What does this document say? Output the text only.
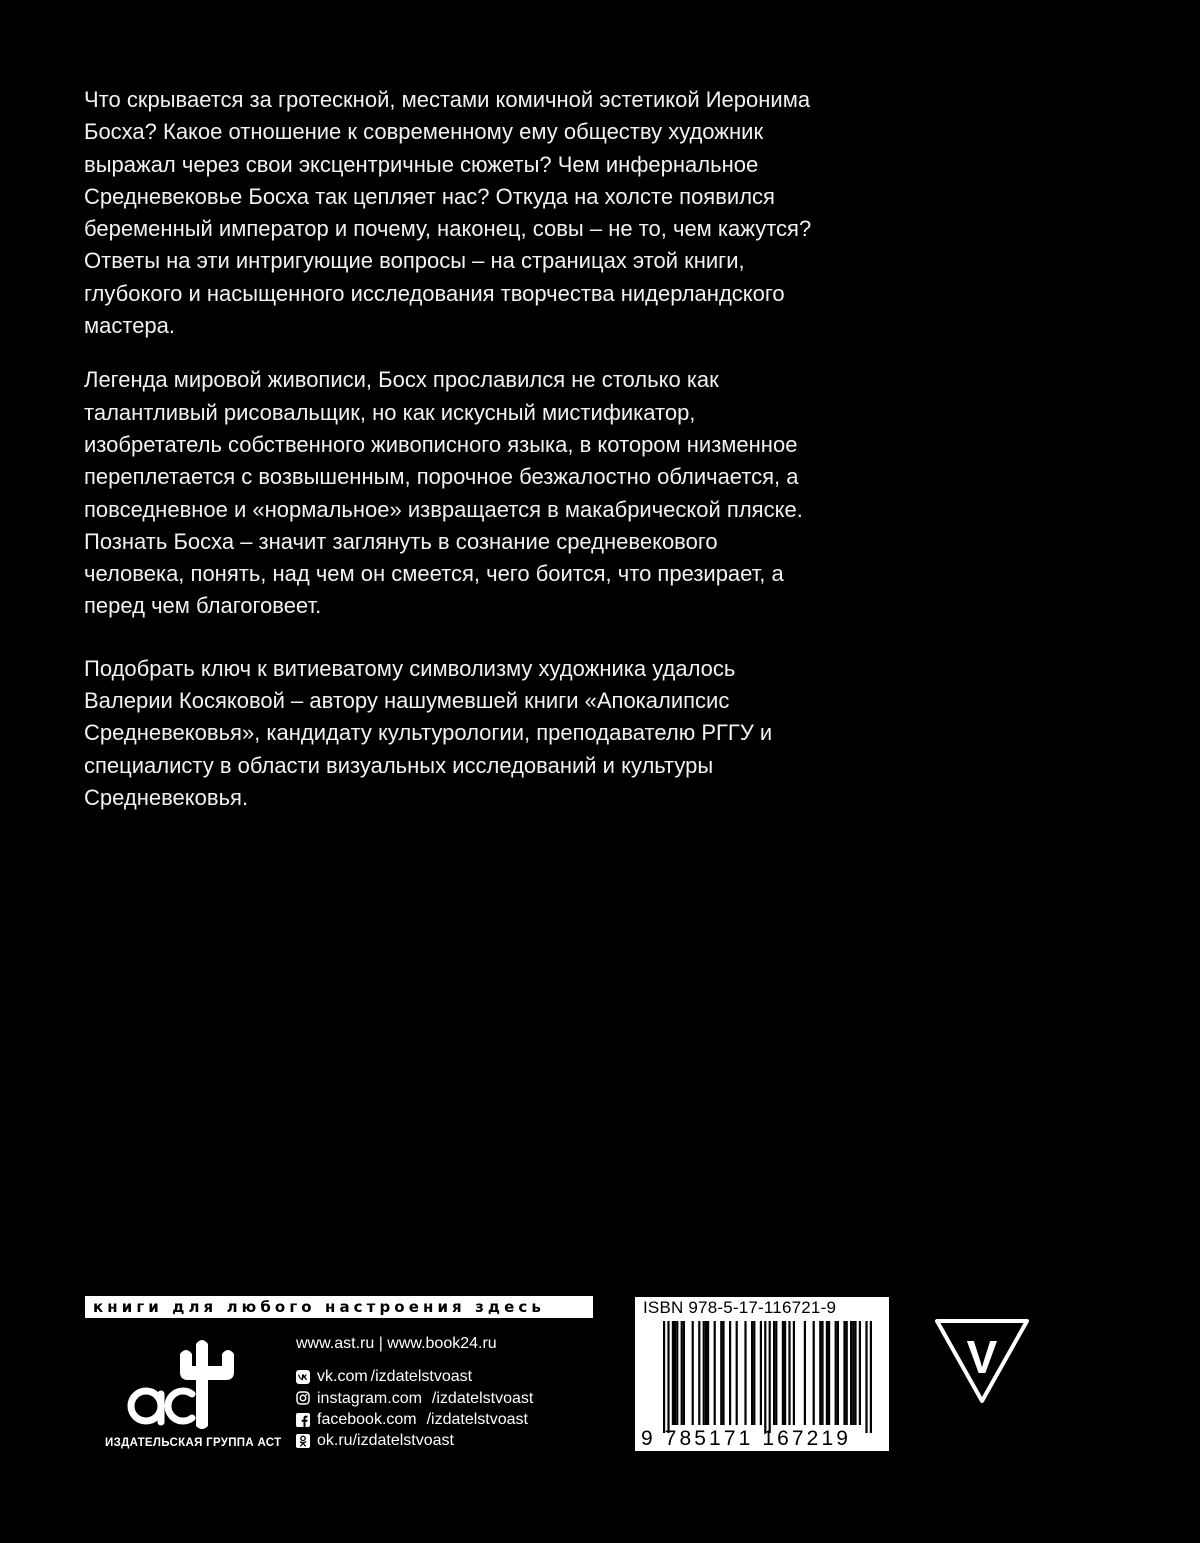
Что скрывается за гротескной, местами комичной эстетикой Иеронима Босха? Какое отношение к современному ему обществу художник выражал через свои эксцентричные сюжеты? Чем инфернальное Средневековье Босха так цепляет нас? Откуда на холсте появился беременный император и почему, наконец, совы – не то, чем кажутся? Ответы на эти интригующие вопросы – на страницах этой книги, глубокого и насыщенного исследования творчества нидерландского мастера.

Легенда мировой живописи, Босх прославился не столько как талантливый рисовальщик, но как искусный мистификатор, изобретатель собственного живописного языка, в котором низменное переплетается с возвышенным, порочное безжалостно обличается, а повседневное и «нормальное» извращается в макабрической пляске. Познать Босха – значит заглянуть в сознание средневекового человека, понять, над чем он смеется, чего боится, что презирает, а перед чем благоговеет.

Подобрать ключ к витиеватому символизму художника удалось Валерии Косяковой – автору нашумевшей книги «Апокалипсис Средневековья», кандидату культурологии, преподавателю РГГУ и специалисту в области визуальных исследований и культуры Средневековья.

книги для любого настроения здесь
ИЗДАТЕЛЬСКАЯ ГРУППА АСТ
www.ast.ru | www.book24.ru
vk.com /izdatelstvoast
instagram.com /izdatelstvoast
facebook.com /izdatelstvoast
ok.ru /izdatelstvoast
ISBN 978-5-17-116721-9
9 785171 167219
V
